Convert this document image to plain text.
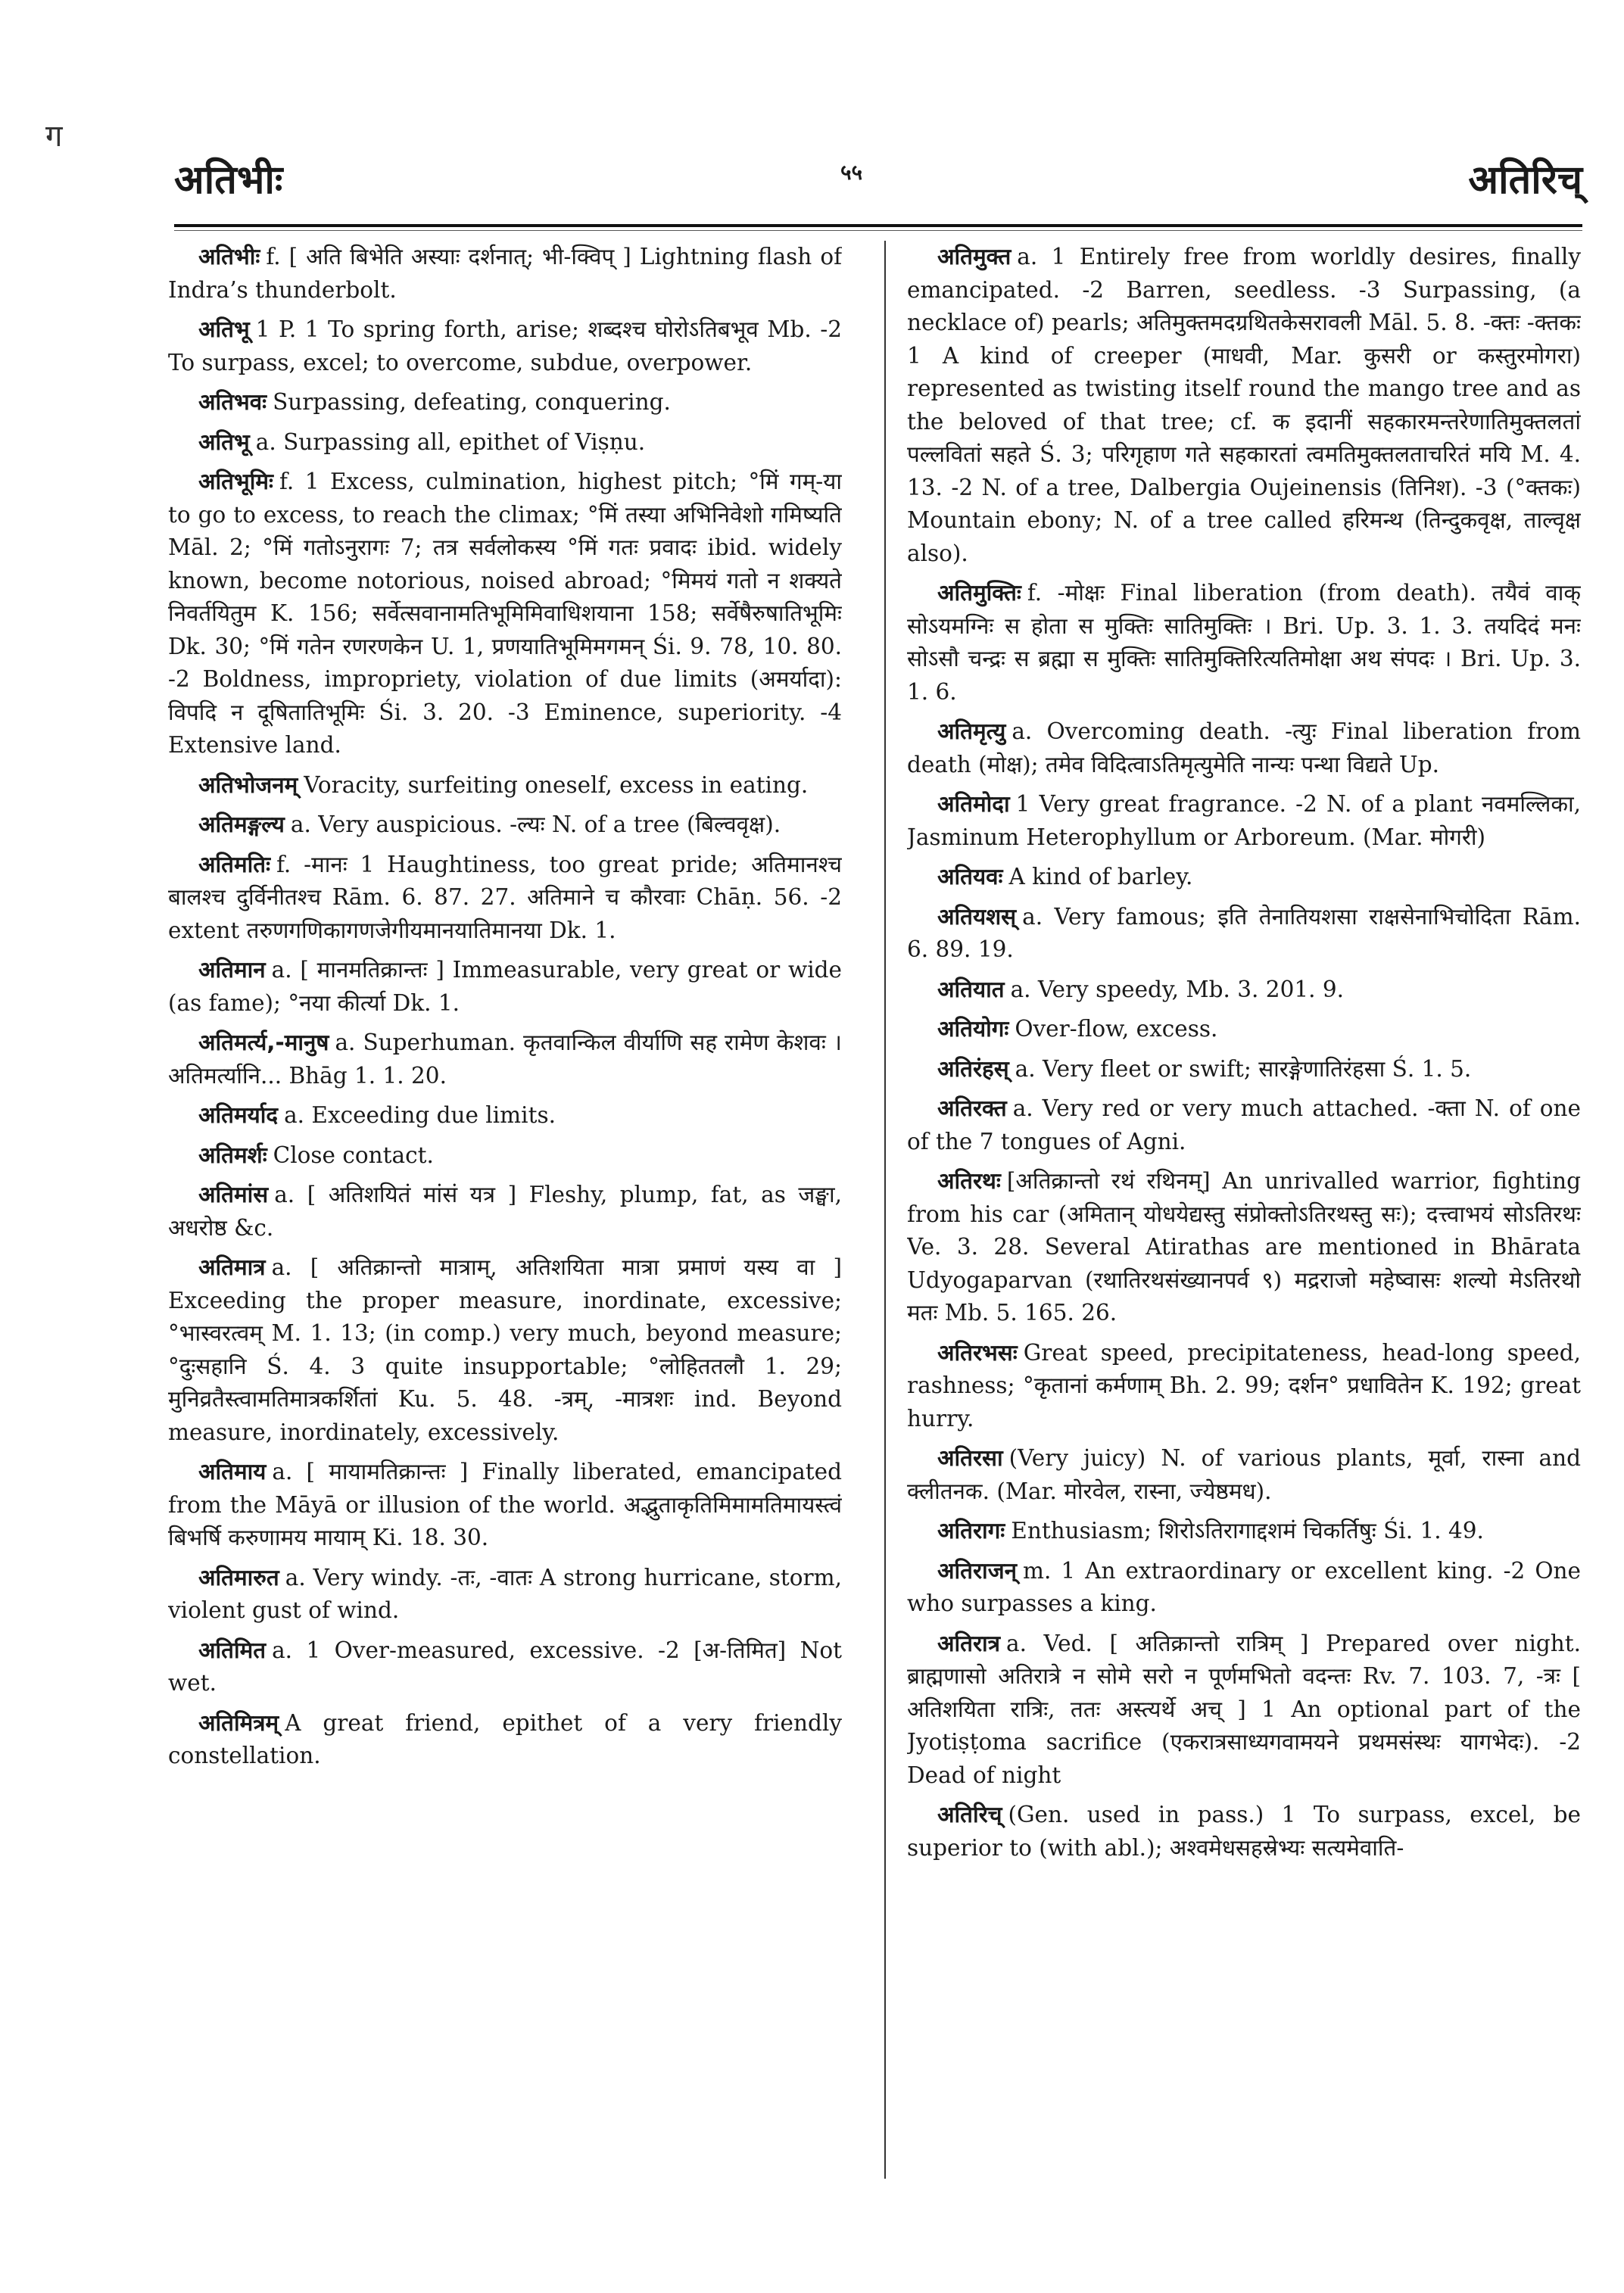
ग
अतिभीः	५५	अतिरिच्

अतिभीः f. [ अति बिभेति अस्याः दर्शनात्; भी-क्विप् ] Lightning flash of Indra’s thunderbolt.

अतिभू 1 P. 1 To spring forth, arise; शब्दश्च घोरोऽतिबभूव Mb. -2 To surpass, excel; to overcome, subdue, overpower.

अतिभवः Surpassing, defeating, conquering.

अतिभू a. Surpassing all, epithet of Viṣṇu.

अतिभूमिः f. 1 Excess, culmination, highest pitch; °मिं गम्-या to go to excess, to reach the climax; °मिं तस्या अभिनिवेशो गमिष्यति Māl. 2; °मिं गतोऽनुरागः 7; तत्र सर्वलोकस्य °मिं गतः प्रवादः ibid. widely known, become notorious, noised abroad; °मिमयं गतो न शक्यते निवर्तयितुम K. 156; सर्वेत्सवानामतिभूमिमिवाधिशयाना 158; सर्वेषैरुषातिभूमिः Dk. 30; °मिं गतेन रणरणकेन U. 1, प्रणयातिभूमिमगमन् Śi. 9. 78, 10. 80. -2 Boldness, impropriety, violation of due limits (अमर्यादा): विपदि न दूषितातिभूमिः Śi. 3. 20. -3 Eminence, superiority. -4 Extensive land.

अतिभोजनम् Voracity, surfeiting oneself, excess in eating.

अतिमङ्गल्य a. Very auspicious. -ल्यः N. of a tree (बिल्ववृक्ष).

अतिमतिः f. -मानः 1 Haughtiness, too great pride; अतिमानश्च बालश्च दुर्विनीतश्च Rām. 6. 87. 27. अतिमाने च कौरवाः Chāṇ. 56. -2 extent तरुणगणिकागणजेगीयमानयातिमानया Dk. 1.

अतिमान a. [ मानमतिक्रान्तः ] Immeasurable, very great or wide (as fame); °नया कीर्त्या Dk. 1.

अतिमर्त्य,-मानुष a. Superhuman. कृतवान्किल वीर्याणि सह रामेण केशवः । अतिमर्त्यानि... Bhāg 1. 1. 20.

अतिमर्याद a. Exceeding due limits.

अतिमर्शः Close contact.

अतिमांस a. [ अतिशयितं मांसं यत्र ] Fleshy, plump, fat, as जङ्घा, अधरोष्ठ &c.

अतिमात्र a. [ अतिक्रान्तो मात्राम्, अतिशयिता मात्रा प्रमाणं यस्य वा ] Exceeding the proper measure, inordinate, excessive; °भास्वरत्वम् M. 1. 13; (in comp.) very much, beyond measure; °दुःसहानि Ś. 4. 3 quite insupportable; °लोहिततलौ 1. 29; मुनिव्रतैस्त्वामतिमात्रकर्शितां Ku. 5. 48. -त्रम्, -मात्रशः ind. Beyond measure, inordinately, excessively.

अतिमाय a. [ मायामतिक्रान्तः ] Finally liberated, emancipated from the Māyā or illusion of the world. अद्भुताकृतिमिमामतिमायस्त्वं बिभर्षि करुणामय मायाम् Ki. 18. 30.

अतिमारुत a. Very windy. -तः, -वातः A strong hurricane, storm, violent gust of wind.

अतिमित a. 1 Over-measured, excessive. -2 [अ-तिमित] Not wet.

अतिमित्रम् A great friend, epithet of a very friendly constellation.

अतिमुक्त a. 1 Entirely free from worldly desires, finally emancipated. -2 Barren, seedless. -3 Surpassing, (a necklace of) pearls; अतिमुक्तमदग्रथितकेसरावली Māl. 5. 8. -क्तः -क्तकः 1 A kind of creeper (माधवी, Mar. कुसरी or कस्तुरमोगरा) represented as twisting itself round the mango tree and as the beloved of that tree; cf. क इदानीं सहकारमन्तरेणातिमुक्तलतां पल्लवितां सहते Ś. 3; परिगृहाण गते सहकारतां त्वमतिमुक्तलताचरितं मयि M. 4. 13. -2 N. of a tree, Dalbergia Oujeinensis (तिनिश). -3 (°क्तकः) Mountain ebony; N. of a tree called हरिमन्थ (तिन्दुकवृक्ष, ताल्वृक्ष also).

अतिमुक्तिः f. -मोक्षः Final liberation (from death). तयैवं वाक् सोऽयमग्निः स होता स मुक्तिः सातिमुक्तिः । Bri. Up. 3. 1. 3. तयदिदं मनः सोऽसौ चन्द्रः स ब्रह्मा स मुक्तिः सातिमुक्तिरित्यतिमोक्षा अथ संपदः । Bri. Up. 3. 1. 6.

अतिमृत्यु a. Overcoming death. -त्युः Final liberation from death (मोक्ष); तमेव विदित्वाऽतिमृत्युमेति नान्यः पन्था विद्यते Up.

अतिमोदा 1 Very great fragrance. -2 N. of a plant नवमल्लिका, Jasminum Heterophyllum or Arboreum. (Mar. मोगरी)

अतियवः A kind of barley.

अतियशस् a. Very famous; इति तेनातियशसा राक्षसेनाभिचोदिता Rām. 6. 89. 19.

अतियात a. Very speedy, Mb. 3. 201. 9.

अतियोगः Over-flow, excess.

अतिरंहस् a. Very fleet or swift; सारङ्गेणातिरंहसा Ś. 1. 5.

अतिरक्त a. Very red or very much attached. -क्ता N. of one of the 7 tongues of Agni.

अतिरथः [अतिक्रान्तो रथं रथिनम्] An unrivalled warrior, fighting from his car (अमितान् योधयेद्यस्तु संप्रोक्तोऽतिरथस्तु सः); दत्त्वाभयं सोऽतिरथः Ve. 3. 28. Several Atirathas are mentioned in Bhārata Udyogaparvan (रथातिरथसंख्यानपर्व ९) मद्रराजो महेष्वासः शल्यो मेऽतिरथो मतः Mb. 5. 165. 26.

अतिरभसः Great speed, precipitateness, head-long speed, rashness; °कृतानां कर्मणाम् Bh. 2. 99; दर्शन° प्रधावितेन K. 192; great hurry.

अतिरसा (Very juicy) N. of various plants, मूर्वा, रास्ना and क्लीतनक. (Mar. मोरवेल, रास्ना, ज्येष्ठमध).

अतिरागः Enthusiasm; शिरोऽतिरागाद्दशमं चिकर्तिषुः Śi. 1. 49.

अतिराजन् m. 1 An extraordinary or excellent king. -2 One who surpasses a king.

अतिरात्र a. Ved. [ अतिक्रान्तो रात्रिम् ] Prepared over night. ब्राह्मणासो अतिरात्रे न सोमे सरो न पूर्णमभितो वदन्तः Rv. 7. 103. 7, -त्रः [ अतिशयिता रात्रिः, ततः अस्त्यर्थे अच् ] 1 An optional part of the Jyotiṣṭoma sacrifice (एकरात्रसाध्यगवामयने प्रथमसंस्थः यागभेदः). -2 Dead of night

अतिरिच् (Gen. used in pass.) 1 To surpass, excel, be superior to (with abl.); अश्वमेधसहस्रेभ्यः सत्यमेवाति-
